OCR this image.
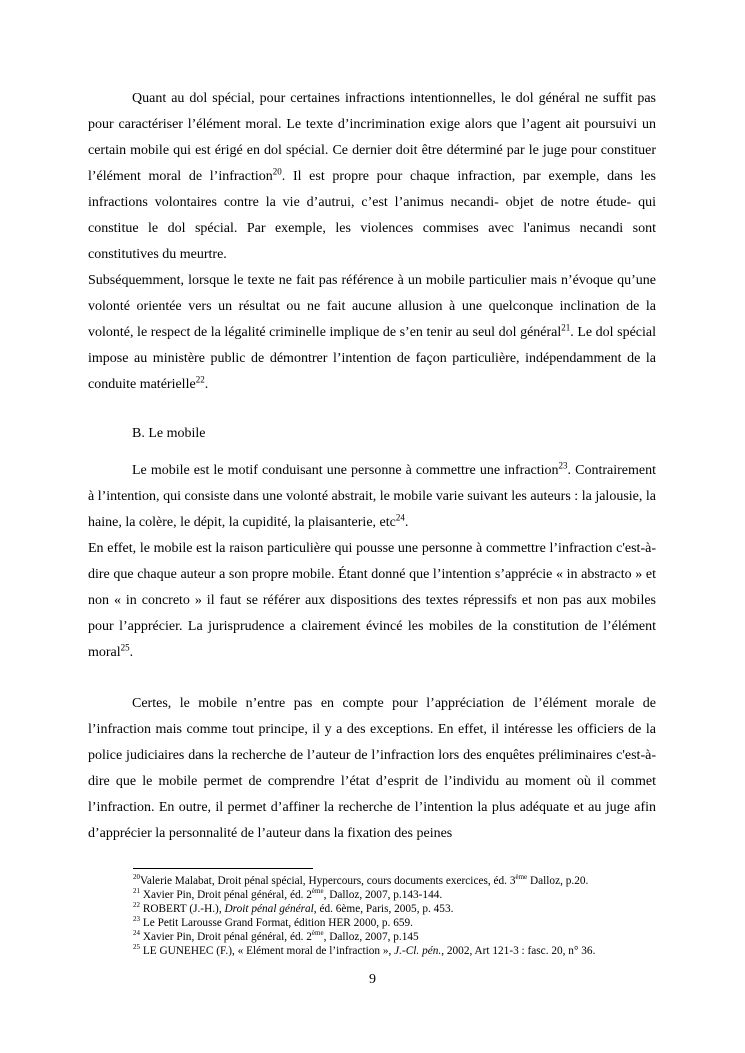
Quant au dol spécial, pour certaines infractions intentionnelles, le dol général ne suffit pas pour caractériser l’élément moral. Le texte d’incrimination exige alors que l’agent ait poursuivi un certain mobile qui est érigé en dol spécial. Ce dernier doit être déterminé par le juge pour constituer l’élément moral de l’infraction$^{20}$. Il est propre pour chaque infraction, par exemple, dans les infractions volontaires contre la vie d’autrui, c’est l’animus necandi- objet de notre étude- qui constitue le dol spécial. Par exemple, les violences commises avec l'animus necandi sont constitutives du meurtre.

Subséquemment, lorsque le texte ne fait pas référence à un mobile particulier mais n’évoque qu’une volonté orientée vers un résultat ou ne fait aucune allusion à une quelconque inclination de la volonté, le respect de la légalité criminelle implique de s’en tenir au seul dol général$^{21}$. Le dol spécial impose au ministère public de démontrer l’intention de façon particulière, indépendamment de la conduite matérielle$^{22}$.

B. Le mobile

Le mobile est le motif conduisant une personne à commettre une infraction$^{23}$. Contrairement à l’intention, qui consiste dans une volonté abstrait, le mobile varie suivant les auteurs : la jalousie, la haine, la colère, le dépit, la cupidité, la plaisanterie, etc$^{24}$.

En effet, le mobile est la raison particulière qui pousse une personne à commettre l’infraction c'est-à-dire que chaque auteur a son propre mobile. Étant donné que l’intention s’apprécie « in abstracto » et non « in concreto » il faut se référer aux dispositions des textes répressifs et non pas aux mobiles pour l’apprécier. La jurisprudence a clairement évincé les mobiles de la constitution de l’élément moral$^{25}$.

Certes, le mobile n’entre pas en compte pour l’appréciation de l’élément morale de l’infraction mais comme tout principe, il y a des exceptions. En effet, il intéresse les officiers de la police judiciaires dans la recherche de l’auteur de l’infraction lors des enquêtes préliminaires c'est-à-dire que le mobile permet de comprendre l’état d’esprit de l’individu au moment où il commet l’infraction. En outre, il permet d’affiner la recherche de l’intention la plus adéquate et au juge afin d’apprécier la personnalité de l’auteur dans la fixation des peines

$^{20}$Valerie Malabat, Droit pénal spécial, Hypercours, cours documents exercices, éd. 3ème Dalloz, p.20.
$^{21}$ Xavier Pin, Droit pénal général, éd. 2ème, Dalloz, 2007, p.143-144.
$^{22}$ ROBERT (J.-H.), Droit pénal général, éd. 6ème, Paris, 2005, p. 453.
$^{23}$ Le Petit Larousse Grand Format, édition HER 2000, p. 659.
$^{24}$ Xavier Pin, Droit pénal général, éd. 2ème, Dalloz, 2007, p.145
$^{25}$ LE GUNEHEC (F.), « Elément moral de l’infraction », J.-Cl. pén., 2002, Art 121-3 : fasc. 20, n° 36.
9
